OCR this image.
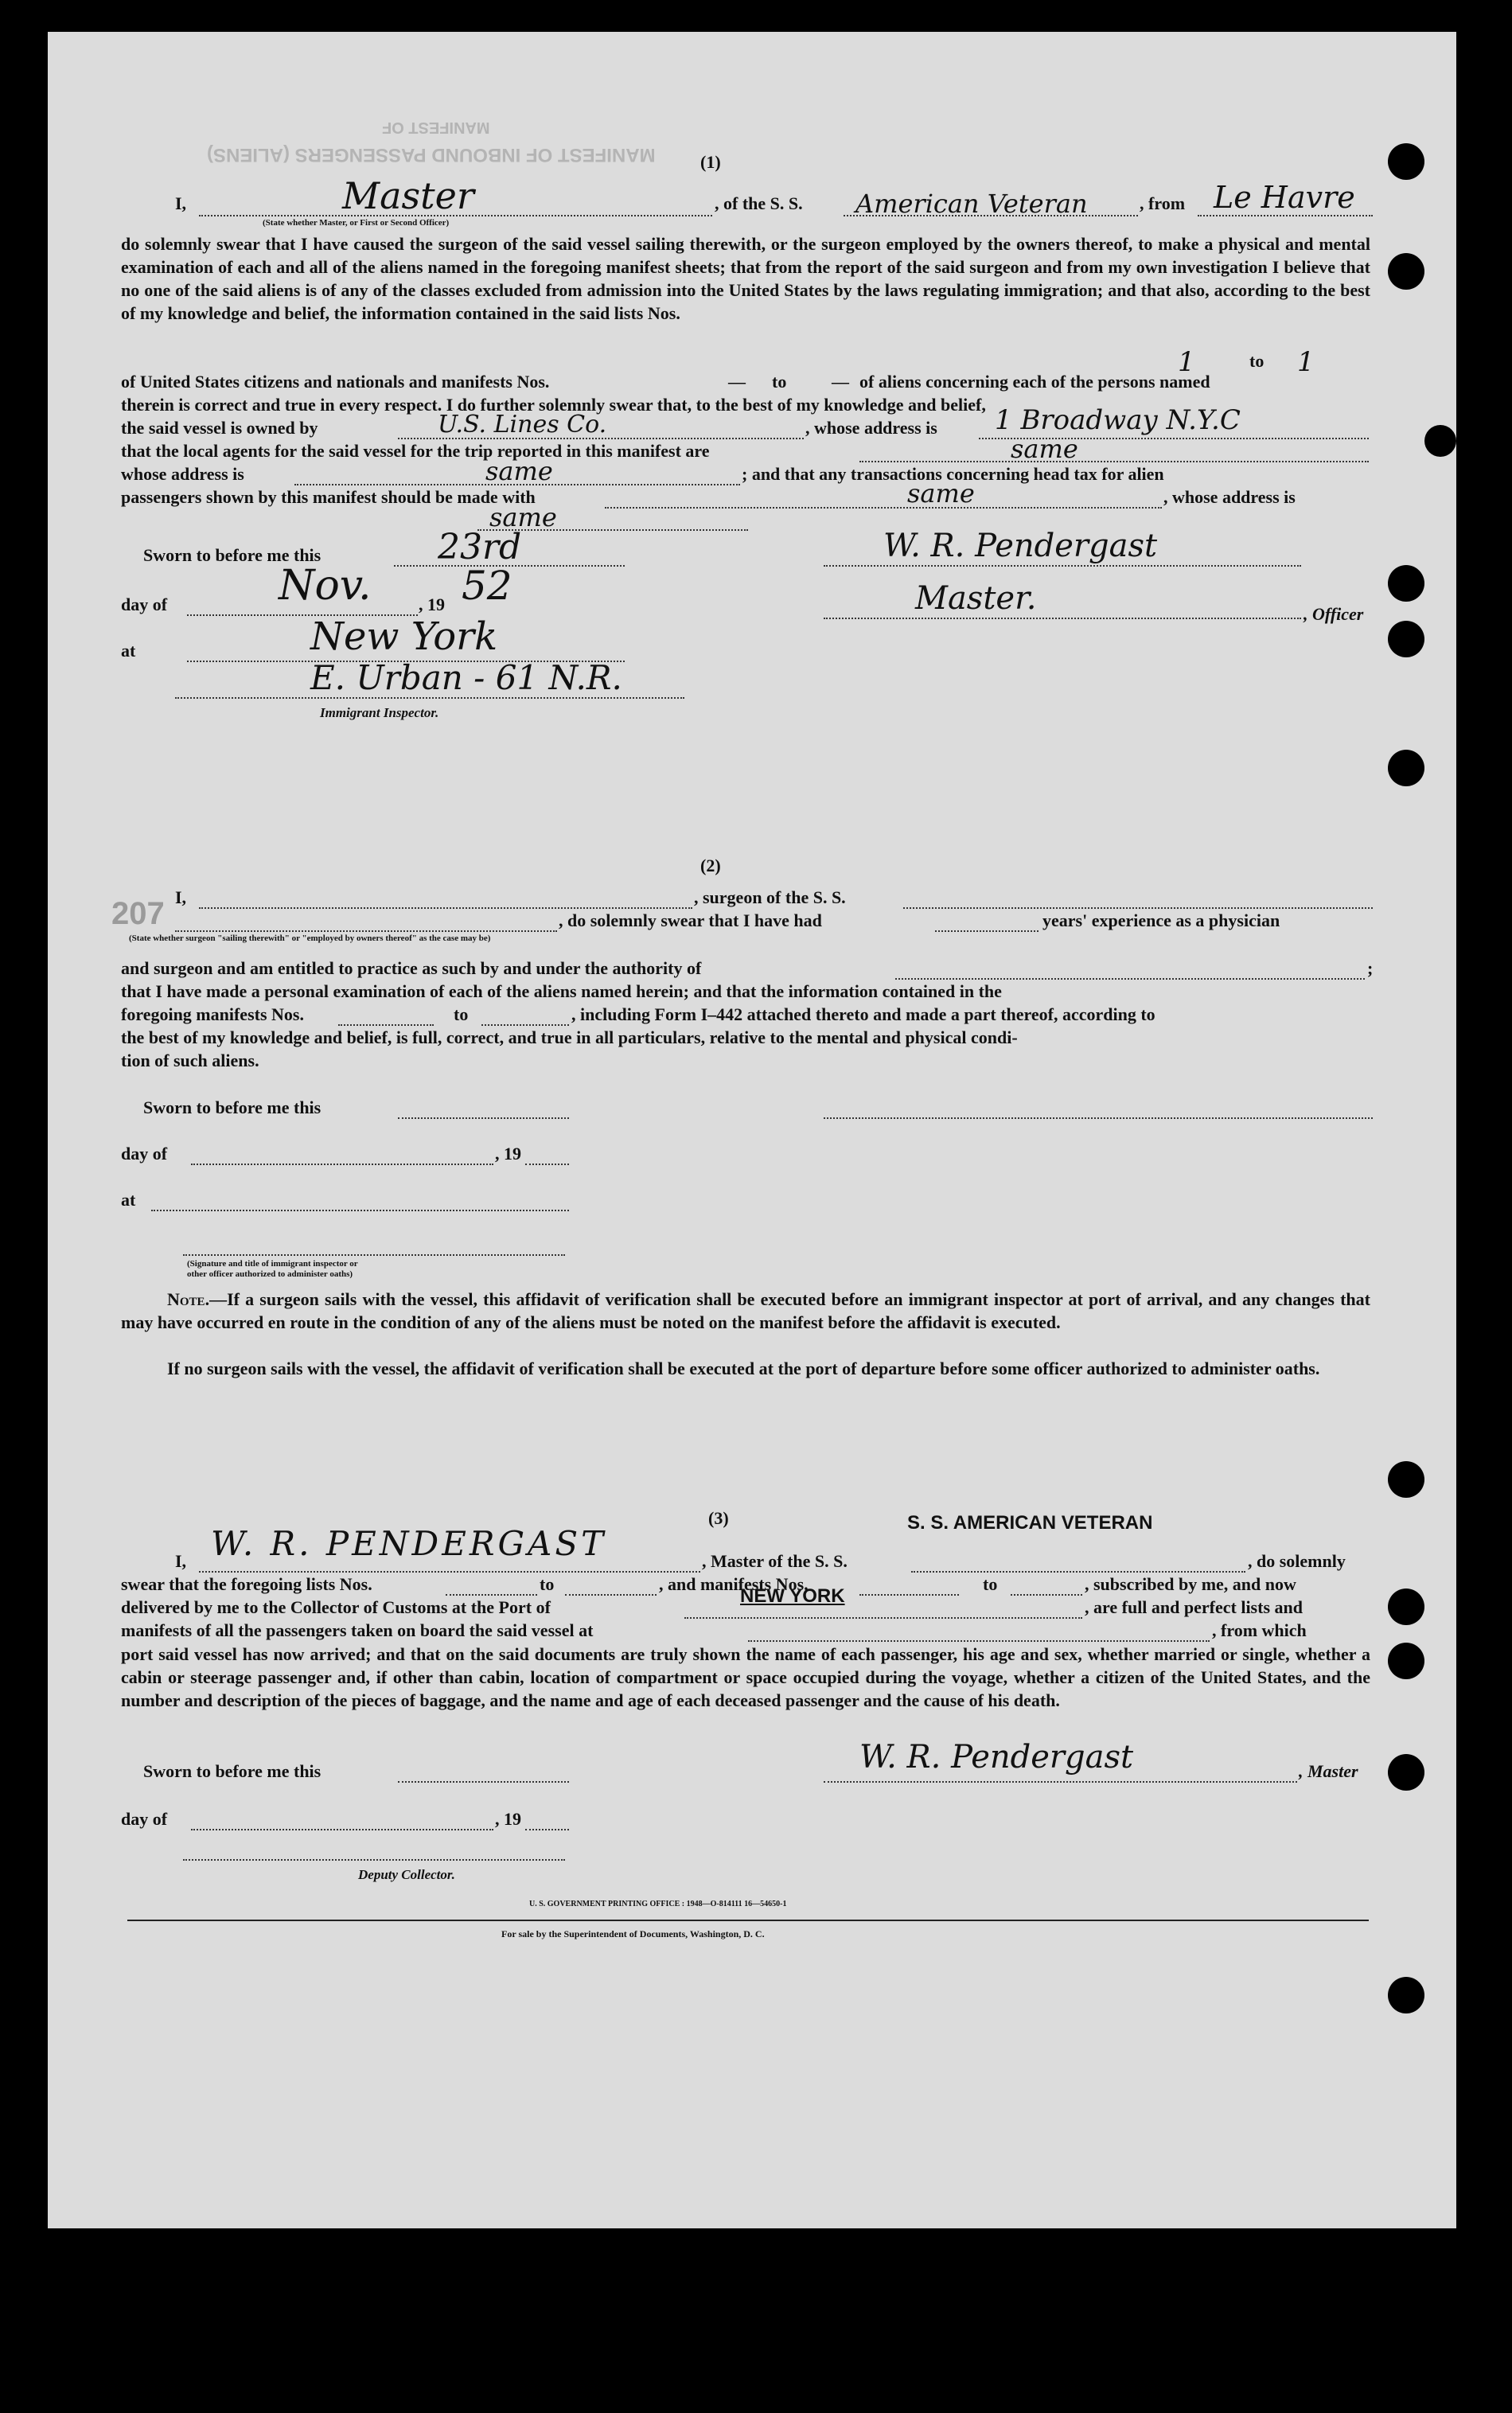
MANIFEST OF INBOUND PASSENGERS (ALIENS)
MANIFEST OF
207
(1)
I,	Master	, of the S. S. American Veteran	, from Le Havre
(State whether Master, or First or Second Officer)
do solemnly swear that I have caused the surgeon of the said vessel sailing therewith, or the surgeon employed by the owners thereof, to make a physical and mental examination of each and all of the aliens named in the foregoing manifest sheets; that from the report of the said surgeon and from my own investigation I believe that no one of the said aliens is of any of the classes excluded from admission into the United States by the laws regulating immigration; and that also, according to the best of my knowledge and belief, the information contained in the said lists Nos.
1	to 1
of United States citizens and nationals and manifests Nos.	— to	— of aliens concerning each of the persons named
therein is correct and true in every respect. I do further solemnly swear that, to the best of my knowledge and belief,
the said vessel is owned by	U.S. Lines Co.	, whose address is 1 Broadway N.Y.C
that the local agents for the said vessel for the trip reported in this manifest are	same
whose address is	same	; and that any transactions concerning head tax for alien
passengers shown by this manifest should be made with	same	, whose address is
same
Sworn to before me this	23rd	W. R. Pendergast
day of	Nov.	, 19 52	Master.	, Officer
at	New York
E. Urban - 61 N.R.
Immigrant Inspector.
(2)
I,	, surgeon of the S. S.
, do solemnly swear that I have had	years' experience as a physician
(State whether surgeon "sailing therewith" or "employed by owners thereof" as the case may be)
and surgeon and am entitled to practice as such by and under the authority of	;
that I have made a personal examination of each of the aliens named herein; and that the information contained in the
foregoing manifests Nos.	to	, including Form I–442 attached thereto and made a part thereof, according to
the best of my knowledge and belief, is full, correct, and true in all particulars, relative to the mental and physical condi-
tion of such aliens.
Sworn to before me this
day of	, 19
at
(Signature and title of immigrant inspector or
other officer authorized to administer oaths)
Note.—If a surgeon sails with the vessel, this affidavit of verification shall be executed before an immigrant inspector at port of arrival, and any changes that may have occurred en route in the condition of any of the aliens must be noted on the manifest before the affidavit is executed.
If no surgeon sails with the vessel, the affidavit of verification shall be executed at the port of departure before some officer authorized to administer oaths.
(3)	S. S. AMERICAN VETERAN
I, W. R. PENDERGAST	, Master of the S. S.	, do solemnly
swear that the foregoing lists Nos.	to	, and manifests Nos.	to	, subscribed by me, and now
delivered by me to the Collector of Customs at the Port of
NEW YORK
, are full and perfect lists and
manifests of all the passengers taken on board the said vessel at	, from which
port said vessel has now arrived; and that on the said documents are truly shown the name of each passenger, his age and sex, whether married or single, whether a cabin or steerage passenger and, if other than cabin, location of compartment or space occupied during the voyage, whether a citizen of the United States, and the number and description of the pieces of baggage, and the name and age of each deceased passenger and the cause of his death.
Sworn to before me this	W. R. Pendergast	, Master
day of	, 19
Deputy Collector.
U. S. GOVERNMENT PRINTING OFFICE : 1948—O-814111 16—54650-1
For sale by the Superintendent of Documents, Washington, D. C.
